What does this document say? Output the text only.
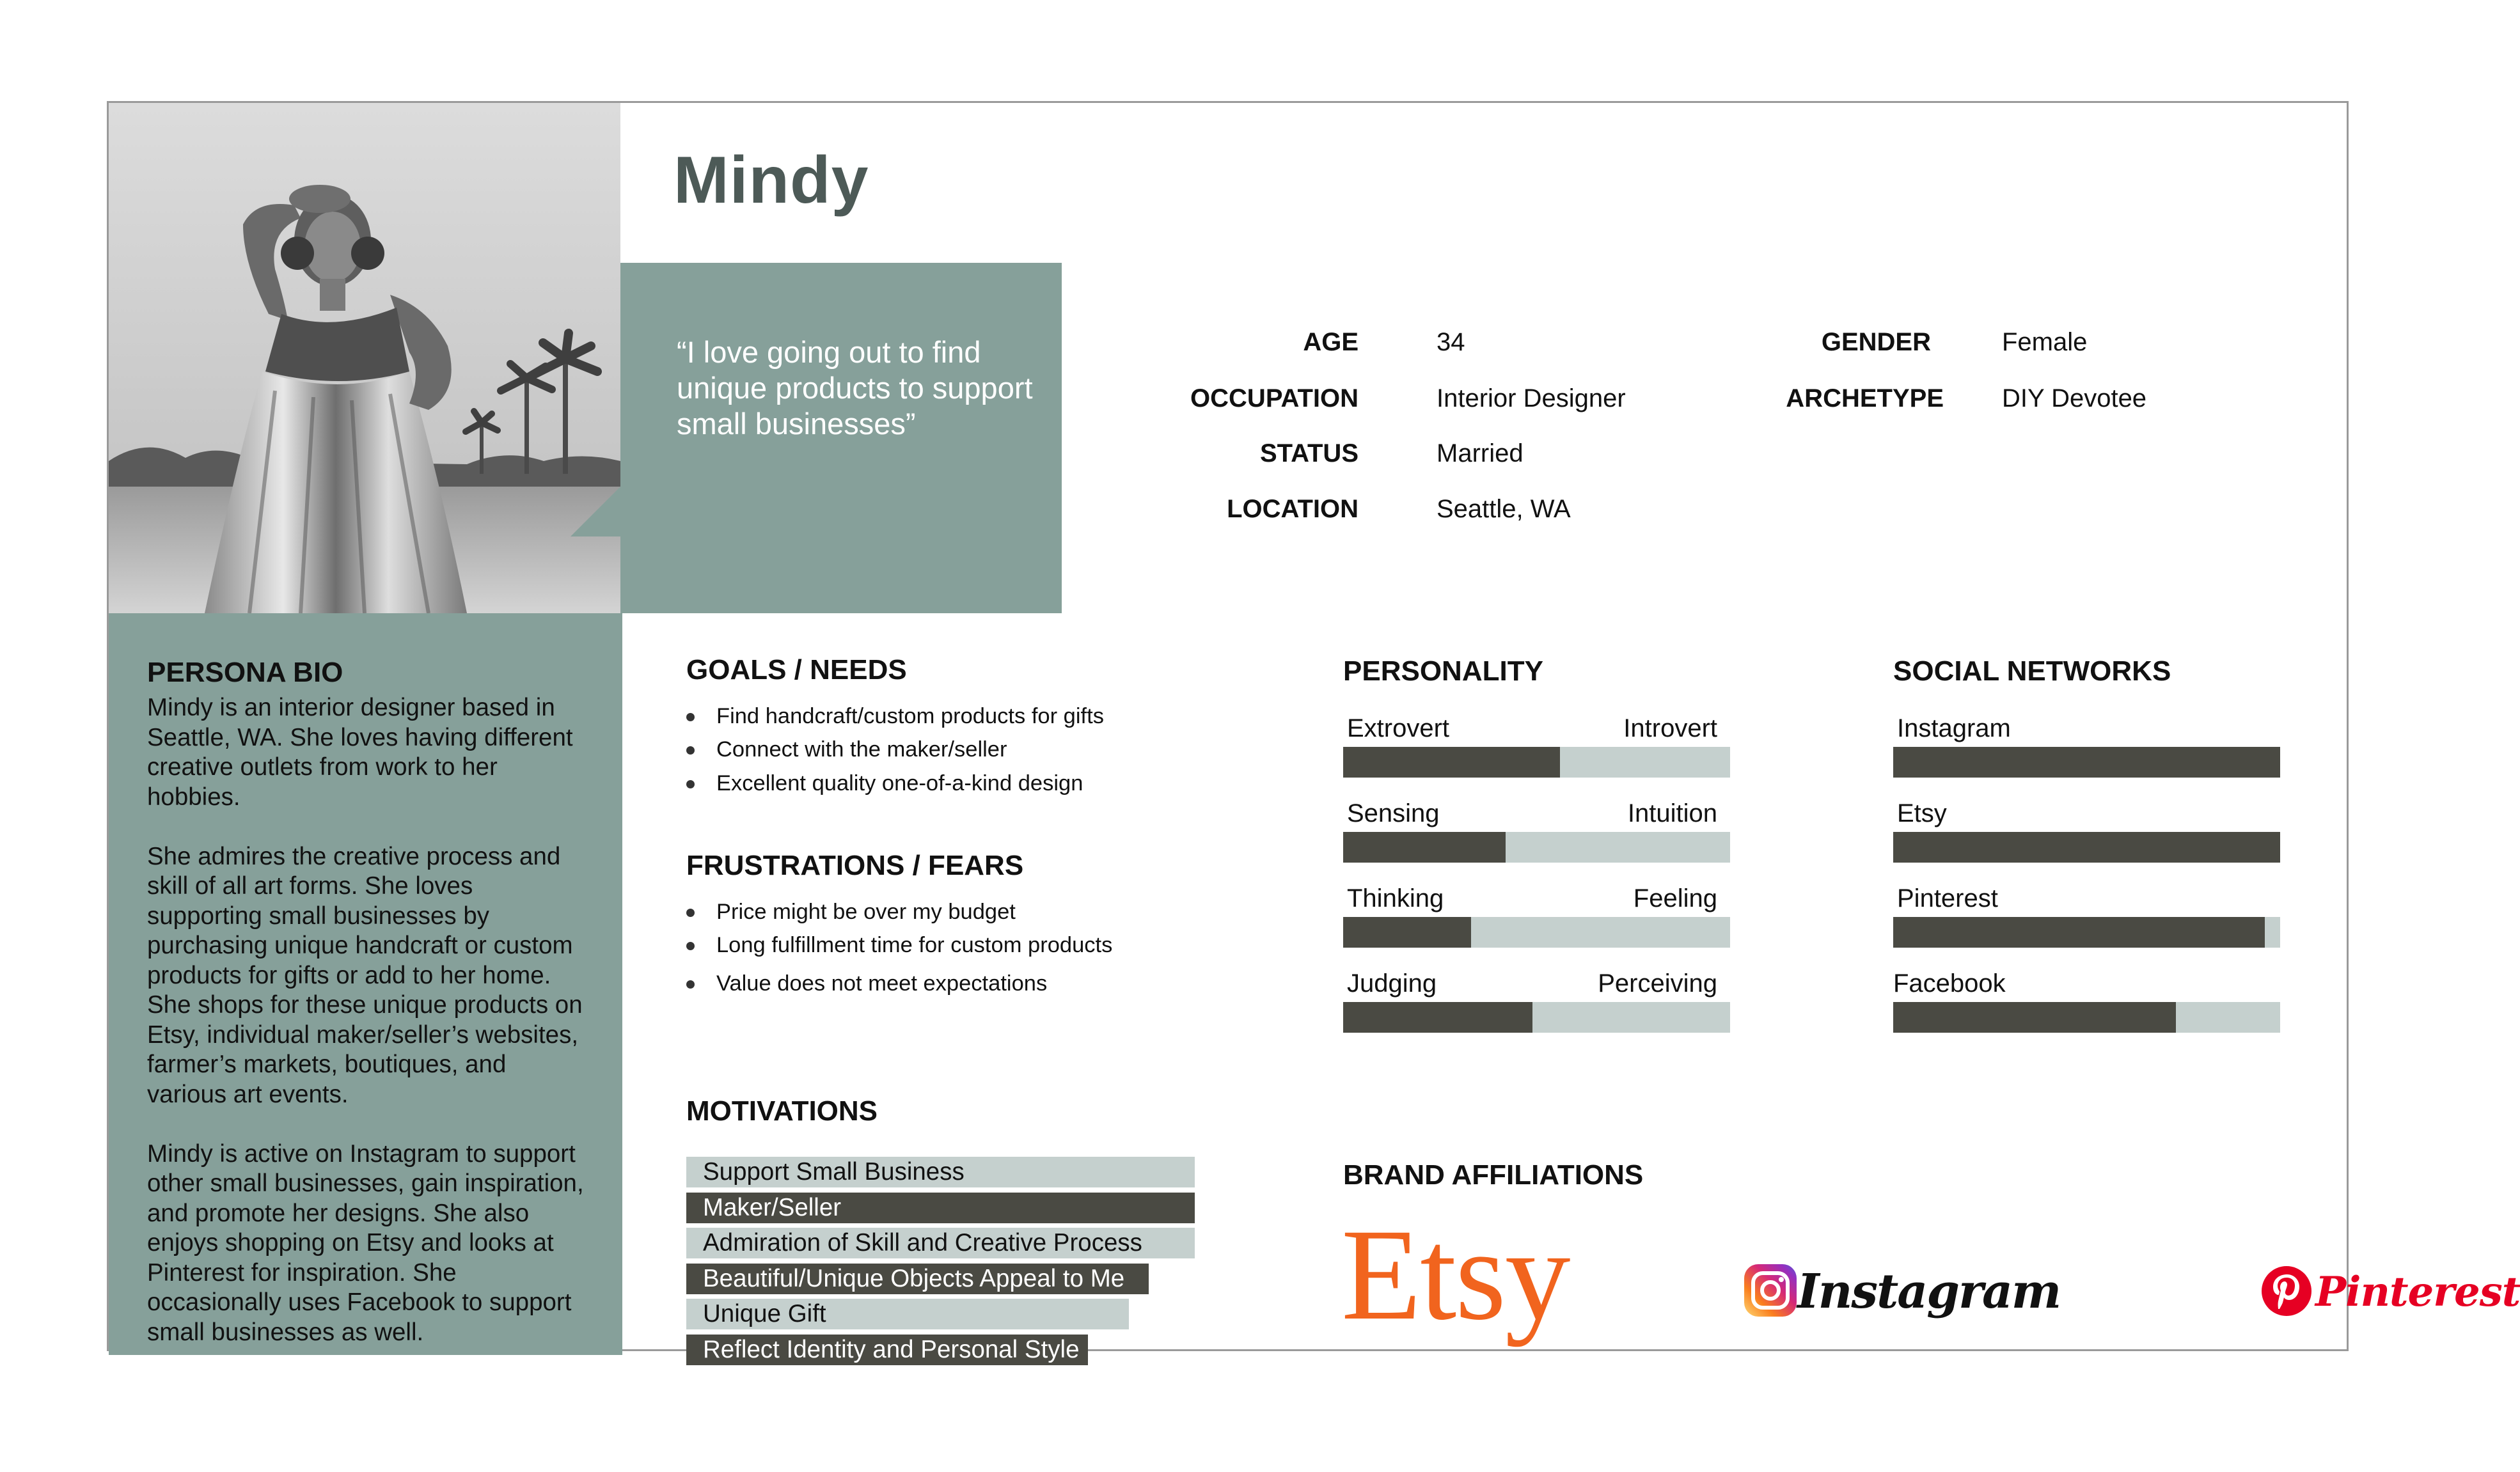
Mindy
“I love going out to find unique products to support small businesses”
AGE	34
OCCUPATION	Interior Designer
STATUS	Married
LOCATION	Seattle, WA
GENDER	Female
ARCHETYPE DIY Devotee
PERSONA BIO

Mindy is an interior designer based in Seattle, WA. She loves having different creative outlets from work to her hobbies.

She admires the creative process and skill of all art forms. She loves supporting small businesses by purchasing unique handcraft or custom products for gifts or add to her home. She shops for these unique products on Etsy, individual maker/seller’s websites, farmer’s markets, boutiques, and various art events.

Mindy is active on Instagram to support other small businesses, gain inspiration, and promote her designs. She also enjoys shopping on Etsy and looks at Pinterest for inspiration. She occasionally uses Facebook to support small businesses as well.

GOALS / NEEDS
Find handcraft/custom products for gifts
Connect with the maker/seller
Excellent quality one-of-a-kind design
FRUSTRATIONS / FEARS
Price might be over my budget
Long fulfillment time for custom products
Value does not meet expectations
MOTIVATIONS
Support Small Business
Maker/Seller
Admiration of Skill and Creative Process
Beautiful/Unique Objects Appeal to Me
Unique Gift
Reflect Identity and Personal Style
PERSONALITY
Extrovert	Introvert
Sensing	Intuition
Thinking	Feeling
Judging	Perceiving
SOCIAL NETWORKS
Instagram
Etsy
Pinterest
Facebook
BRAND AFFILIATIONS
Etsy	Instagram	Pinterest
